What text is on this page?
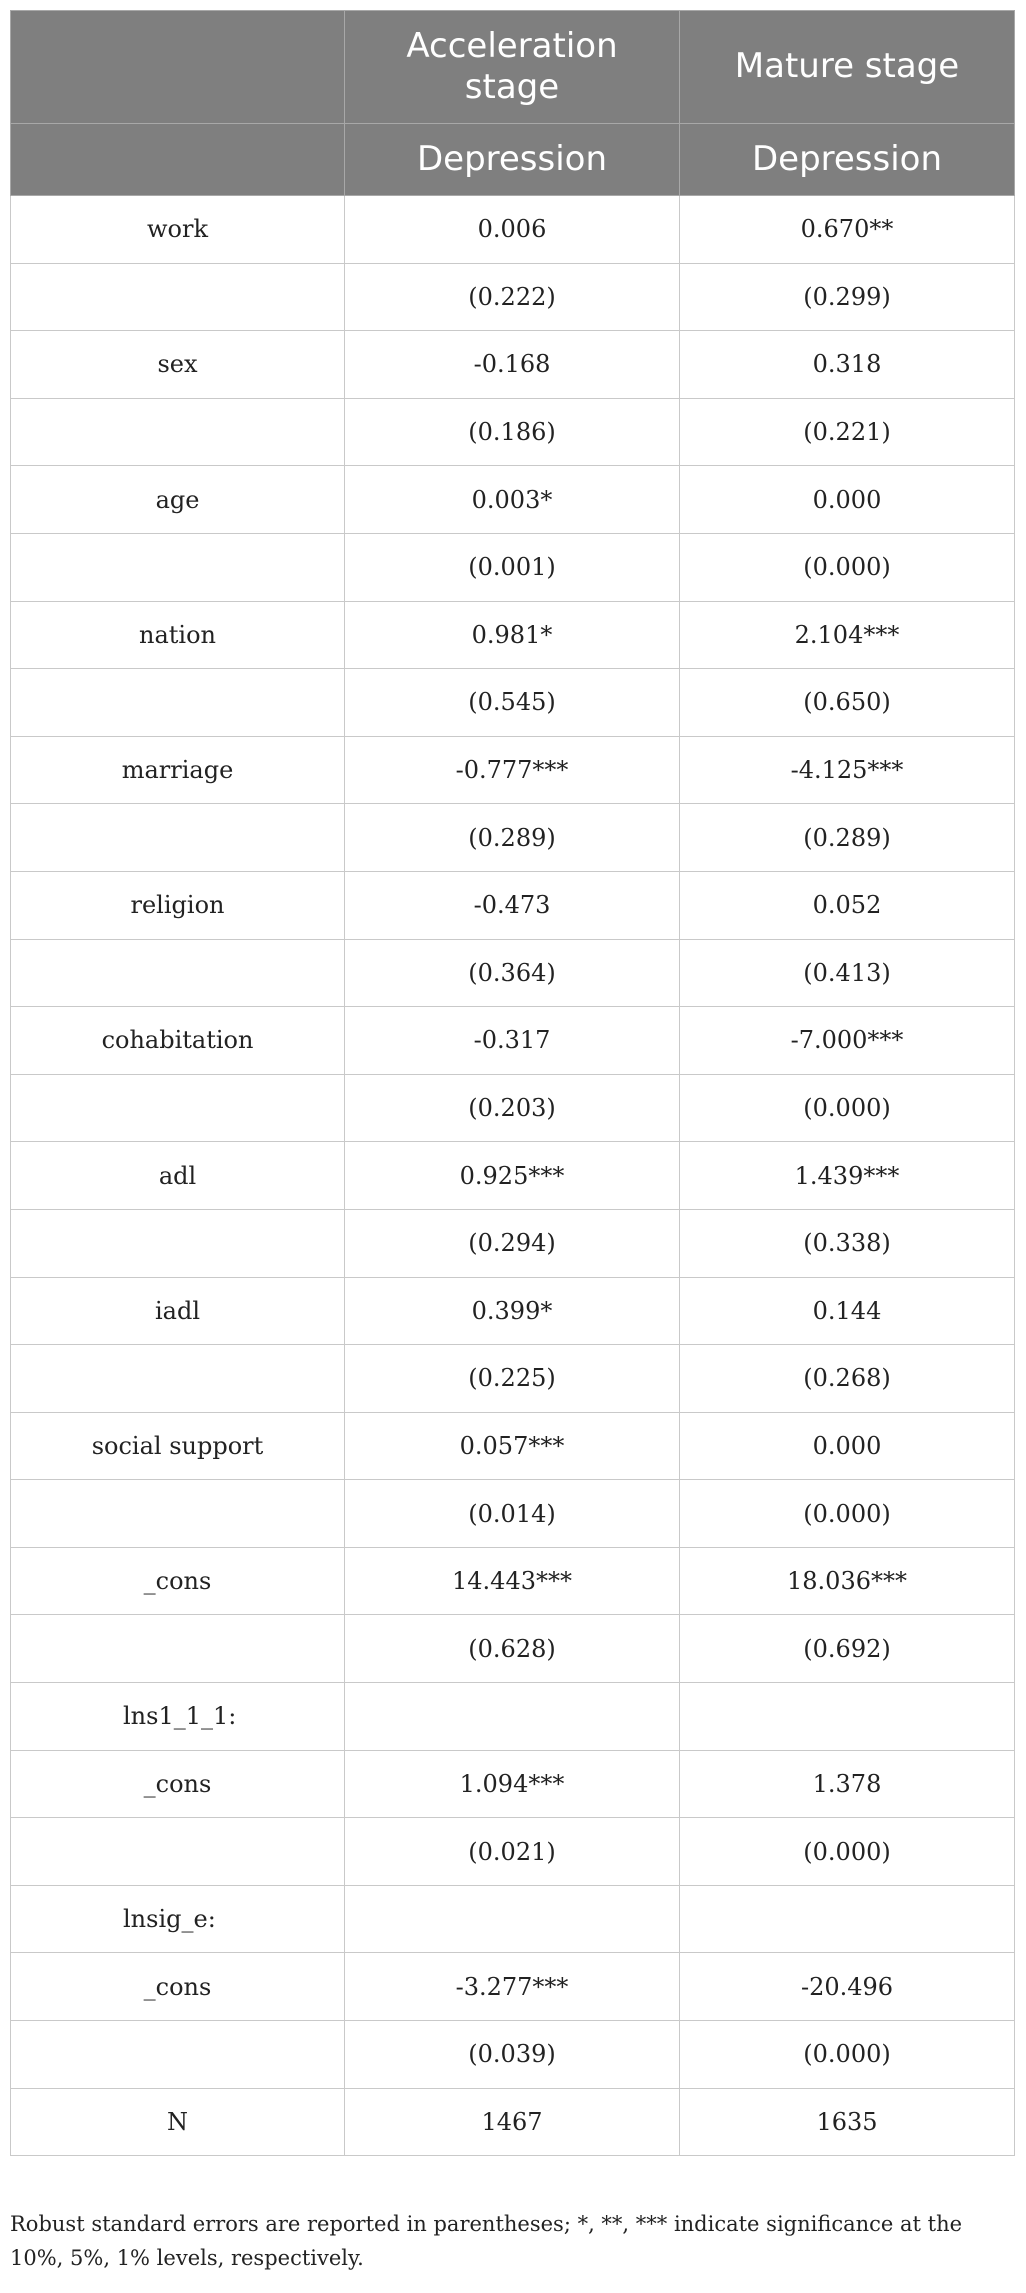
	Acceleration stage	Mature stage
	Depression	Depression
work	0.006	0.670**
	(0.222)	(0.299)
sex	-0.168	0.318
	(0.186)	(0.221)
age	0.003*	0.000
	(0.001)	(0.000)
nation	0.981*	2.104***
	(0.545)	(0.650)
marriage	-0.777***	-4.125***
	(0.289)	(0.289)
religion	-0.473	0.052
	(0.364)	(0.413)
cohabitation	-0.317	-7.000***
	(0.203)	(0.000)
adl	0.925***	1.439***
	(0.294)	(0.338)
iadl	0.399*	0.144
	(0.225)	(0.268)
social support	0.057***	0.000
	(0.014)	(0.000)
_cons	14.443***	18.036***
	(0.628)	(0.692)
lns1_1_1:		
_cons	1.094***	1.378
	(0.021)	(0.000)
lnsig_e:		
_cons	-3.277***	-20.496
	(0.039)	(0.000)
N	1467	1635
Robust standard errors are reported in parentheses; *, **, *** indicate significance at the 10%, 5%, 1% levels, respectively.
